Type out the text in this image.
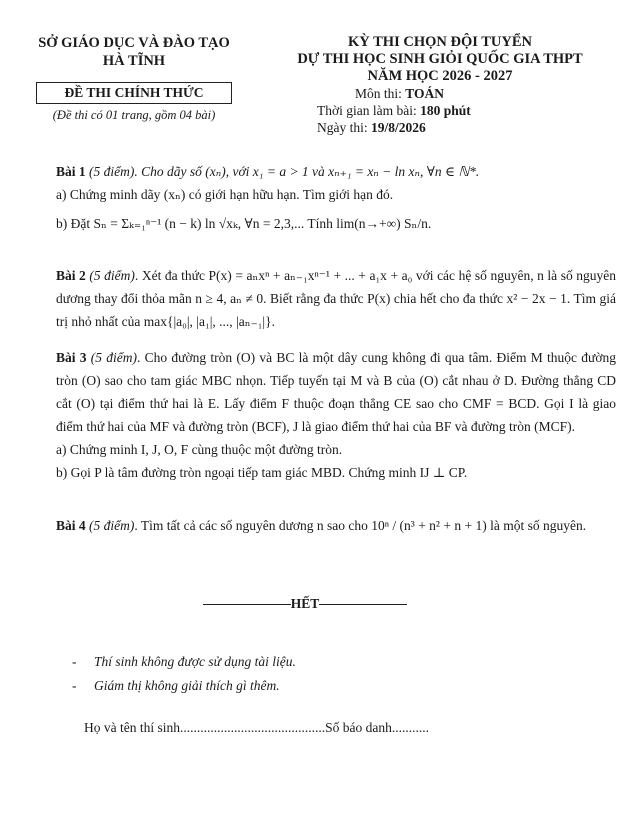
SỞ GIÁO DỤC VÀ ĐÀO TẠO
HÀ TĨNH
ĐỀ THI CHÍNH THỨC
(Đề thi có 01 trang, gồm 04 bài)
KỲ THI CHỌN ĐỘI TUYỂN
DỰ THI HỌC SINH GIỎI QUỐC GIA THPT
NĂM HỌC 2026 - 2027
Môn thi: TOÁN
Thời gian làm bài: 180 phút
Ngày thi: 19/8/2026

Bài 1 (5 điểm). Cho dãy số (xₙ), với x₁ = a > 1 và xₙ₊₁ = xₙ − ln xₙ, ∀n ∈ ℕ*.

a) Chứng minh dãy (xₙ) có giới hạn hữu hạn. Tìm giới hạn đó.

b) Đặt Sₙ = Σₖ₌₁ⁿ⁻¹ (n − k) ln √xₖ, ∀n = 2,3,... Tính lim(n→+∞) Sₙ/n.

Bài 2 (5 điểm). Xét đa thức P(x) = aₙxⁿ + aₙ₋₁xⁿ⁻¹ + ... + a₁x + a₀ với các hệ số nguyên, n là số nguyên dương thay đổi thỏa mãn n ≥ 4, aₙ ≠ 0. Biết rằng đa thức P(x) chia hết cho đa thức x² − 2x − 1. Tìm giá trị nhỏ nhất của max{|a₀|, |a₁|, ..., |aₙ₋₁|}.

Bài 3 (5 điểm). Cho đường tròn (O) và BC là một dây cung không đi qua tâm. Điểm M thuộc đường tròn (O) sao cho tam giác MBC nhọn. Tiếp tuyến tại M và B của (O) cắt nhau ở D. Đường thẳng CD cắt (O) tại điểm thứ hai là E. Lấy điểm F thuộc đoạn thẳng CE sao cho CMF = BCD. Gọi I là giao điểm thứ hai của MF và đường tròn (BCF), J là giao điểm thứ hai của BF và đường tròn (MCF).

a) Chứng minh I, J, O, F cùng thuộc một đường tròn.

b) Gọi P là tâm đường tròn ngoại tiếp tam giác MBD. Chứng minh IJ ⊥ CP.

Bài 4 (5 điểm). Tìm tất cả các số nguyên dương n sao cho 10ⁿ / (n³ + n² + n + 1) là một số nguyên.

HẾT
- Thí sinh không được sử dụng tài liệu.
- Giám thị không giải thích gì thêm.
Họ và tên thí sinh...........................................Số báo danh...........
